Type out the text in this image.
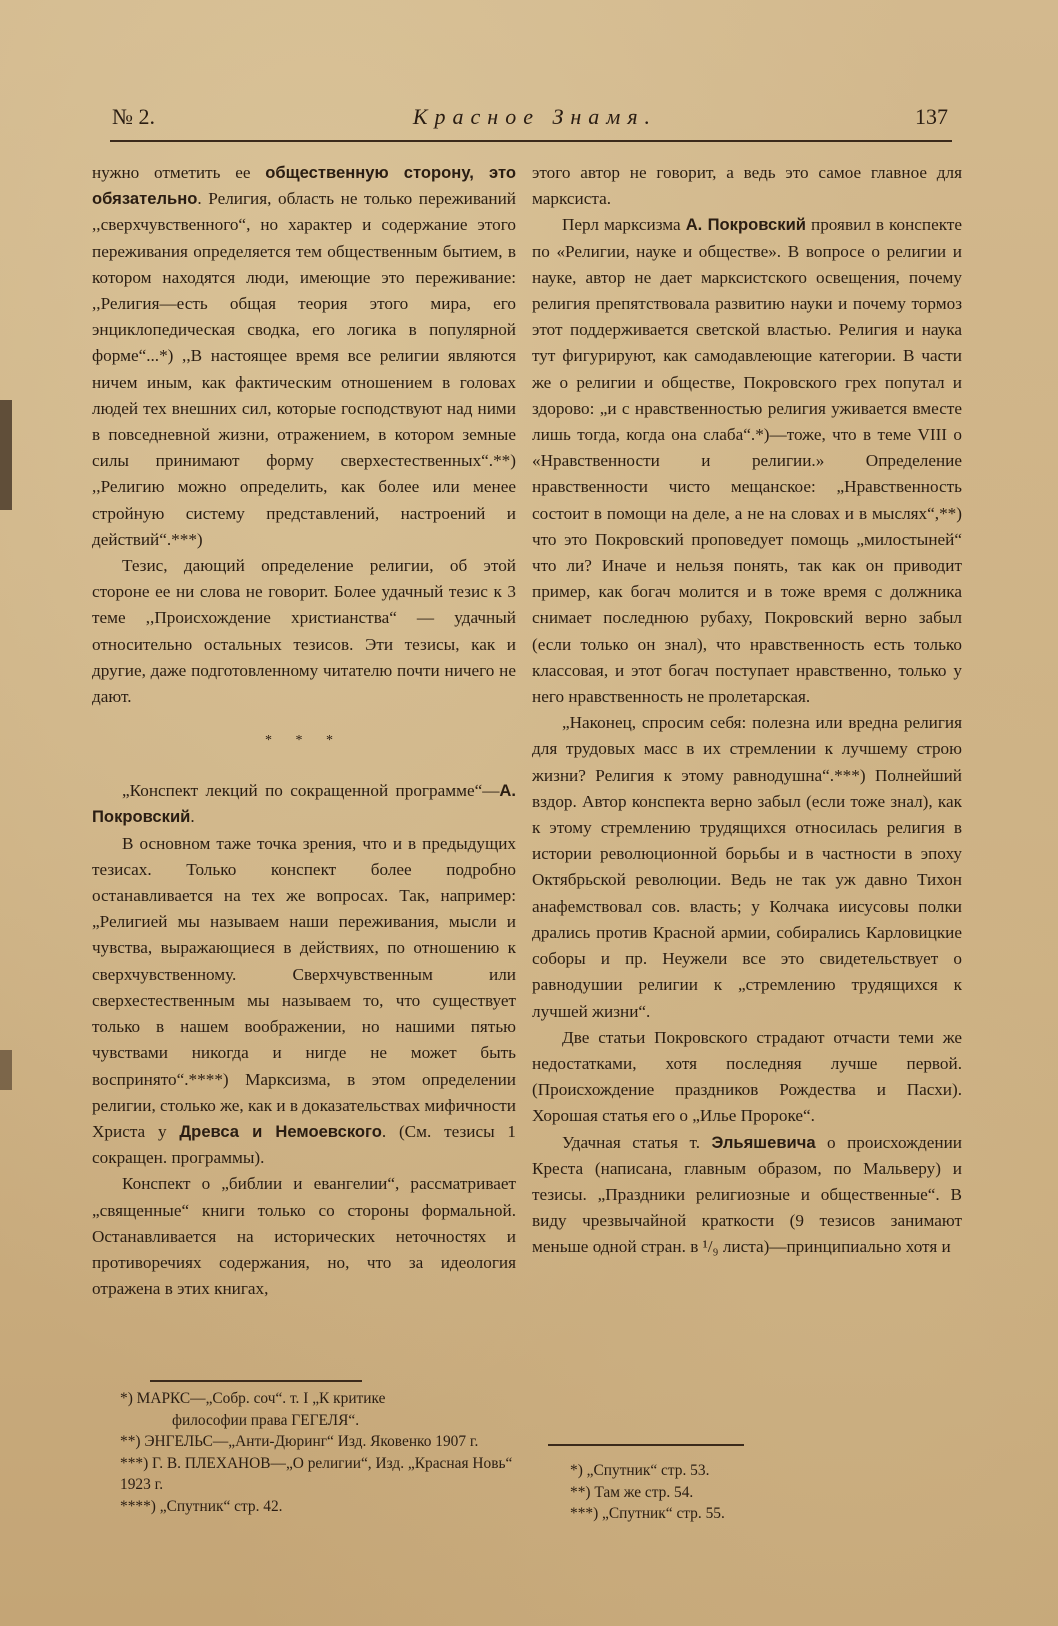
№ 2.	Красное Знамя.	137

нужно отметить ее общественную сторону, это обязательно. Религия, область не только переживаний ,,сверхчувственного“, но характер и содержание этого переживания определяется тем общественным бытием, в котором находятся люди, имеющие это переживание: ,,Религия—есть общая теория этого мира, его энциклопедическая сводка, его логика в популярной форме“...*) ,,В настоящее время все религии являются ничем иным, как фактическим отношением в головах людей тех внешних сил, которые господствуют над ними в повседневной жизни, отражением, в котором земные силы принимают форму сверхестественных“.**) ,,Религию можно определить, как более или менее стройную систему представлений, настроений и действий“.***)

Тезис, дающий определение религии, об этой стороне ее ни слова не говорит. Более удачный тезис к 3 теме ,,Происхождение христианства“ — удачный относительно остальных тезисов. Эти тезисы, как и другие, даже подготовленному читателю почти ничего не дают.

* * *

„Конспект лекций по сокращенной программе“—А. Покровский.

В основном таже точка зрения, что и в предыдущих тезисах. Только конспект более подробно останавливается на тех же вопросах. Так, например: „Религией мы называем наши переживания, мысли и чувства, выражающиеся в действиях, по отношению к сверхчувственному. Сверхчувственным или сверхестественным мы называем то, что существует только в нашем воображении, но нашими пятью чувствами никогда и нигде не может быть воспринято“.****) Марксизма, в этом определении религии, столько же, как и в доказательствах мифичности Христа у Древса и Немоевского. (См. тезисы 1 сокращен. программы).

Конспект о „библии и евангелии“, рассматривает „священные“ книги только со стороны формальной. Останавливается на исторических неточностях и противоречиях содержания, но, что за идеология отражена в этих книгах,

этого автор не говорит, а ведь это самое главное для марксиста.

Перл марксизма А. Покровский проявил в конспекте по «Религии, науке и обществе». В вопросе о религии и науке, автор не дает марксистского освещения, почему религия препятствовала развитию науки и почему тормоз этот поддерживается светской властью. Религия и наука тут фигурируют, как самодавлеющие категории. В части же о религии и обществе, Покровского грех попутал и здорово: „и с нравственностью религия уживается вместе лишь тогда, когда она слаба“.*)—тоже, что в теме VIII о «Нравственности и религии.» Определение нравственности чисто мещанское: „Нравственность состоит в помощи на деле, а не на словах и в мыслях“,**) что это Покровский проповедует помощь „милостыней“ что ли? Иначе и нельзя понять, так как он приводит пример, как богач молится и в тоже время с должника снимает последнюю рубаху, Покровский верно забыл (если только он знал), что нравственность есть только классовая, и этот богач поступает нравственно, только у него нравственность не пролетарская.

„Наконец, спросим себя: полезна или вредна религия для трудовых масс в их стремлении к лучшему строю жизни? Религия к этому равнодушна“.***) Полнейший вздор. Автор конспекта верно забыл (если тоже знал), как к этому стремлению трудящихся относилась религия в истории революционной борьбы и в частности в эпоху Октябрьской революции. Ведь не так уж давно Тихон анафемствовал сов. власть; у Колчака иисусовы полки дрались против Красной армии, собирались Карловицкие соборы и пр. Неужели все это свидетельствует о равнодушии религии к „стремлению трудящихся к лучшей жизни“.

Две статьи Покровского страдают отчасти теми же недостатками, хотя последняя лучше первой. (Происхождение праздников Рождества и Пасхи). Хорошая статья его о „Илье Пророке“.

Удачная статья т. Эльяшевича о происхождении Креста (написана, главным образом, по Мальверу) и тезисы. „Праздники религиозные и общественные“. В виду чрезвычайной краткости (9 тезисов занимают меньше одной стран. в ¹/₉ листа)—принципиально хотя и

*) МАРКС—„Собр. соч“. т. I „К критике
философии права ГЕГЕЛЯ“.
**) ЭНГЕЛЬС—„Анти-Дюринг“ Изд. Яковенко 1907 г.
***) Г. В. ПЛЕХАНОВ—„О религии“, Изд. „Красная Новь“ 1923 г.
****) „Спутник“ стр. 42.
*) „Спутник“ стр. 53.
**) Там же стр. 54.
***) „Спутник“ стр. 55.
